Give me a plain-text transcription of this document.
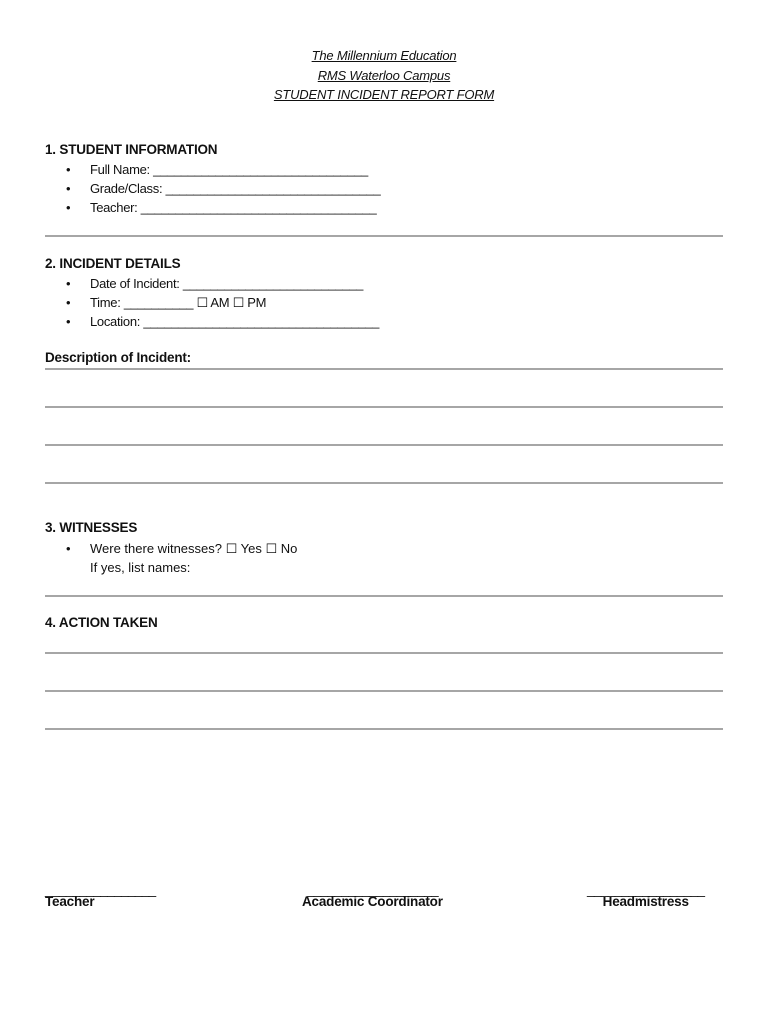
The Millennium Education
RMS Waterloo Campus
STUDENT INCIDENT REPORT FORM
1. STUDENT INFORMATION
• Full Name: _______________________________
• Grade/Class: _______________________________
• Teacher: __________________________________
2. INCIDENT DETAILS
• Date of Incident: __________________________
• Time: __________ ☐ AM ☐ PM
• Location: __________________________________
Description of Incident:
3. WITNESSES
• Were there witnesses? ☐ Yes ☐ No
If yes, list names:
4. ACTION TAKEN
________________
Teacher
___________________
Academic Coordinator
_________________
Headmistress
